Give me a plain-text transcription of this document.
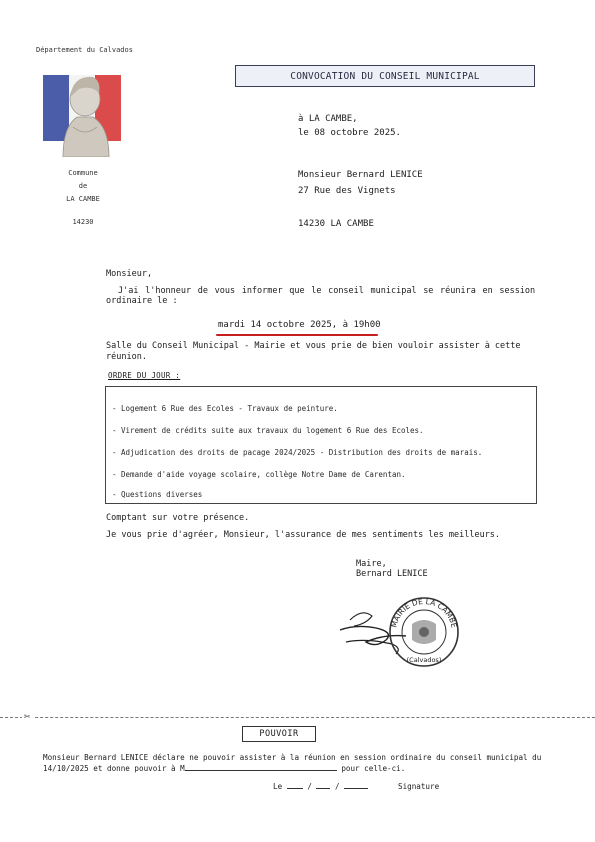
Département du Calvados
Commune
de
LA CAMBE
14230
CONVOCATION DU CONSEIL MUNICIPAL
à LA CAMBE,
le 08 octobre 2025.
Monsieur Bernard LENICE
27 Rue des Vignets
14230 LA CAMBE
Monsieur,
J'ai l'honneur de vous informer que le conseil municipal se réunira en session
ordinaire le :
mardi 14 octobre 2025, à 19h00
Salle du Conseil Municipal - Mairie et vous prie de bien vouloir assister à cette
réunion.
ORDRE DU JOUR :
- Logement 6 Rue des Ecoles - Travaux de peinture.
- Virement de crédits suite aux travaux du logement 6 Rue des Ecoles.
- Adjudication des droits de pacage 2024/2025 - Distribution des droits de marais.
- Demande d'aide voyage scolaire, collège Notre Dame de Carentan.
- Questions diverses
Comptant sur votre présence.
Je vous prie d'agréer, Monsieur, l'assurance de mes sentiments les meilleurs.
Maire,
Bernard LENICE
MAIRIE DE LA CAMBE
(Calvados)
✂
POUVOIR
Monsieur Bernard LENICE déclare ne pouvoir assister à la réunion en session ordinaire du conseil municipal du
14/10/2025 et donne pouvoir à M	pour celle-ci.
Le	/	/	Signature
